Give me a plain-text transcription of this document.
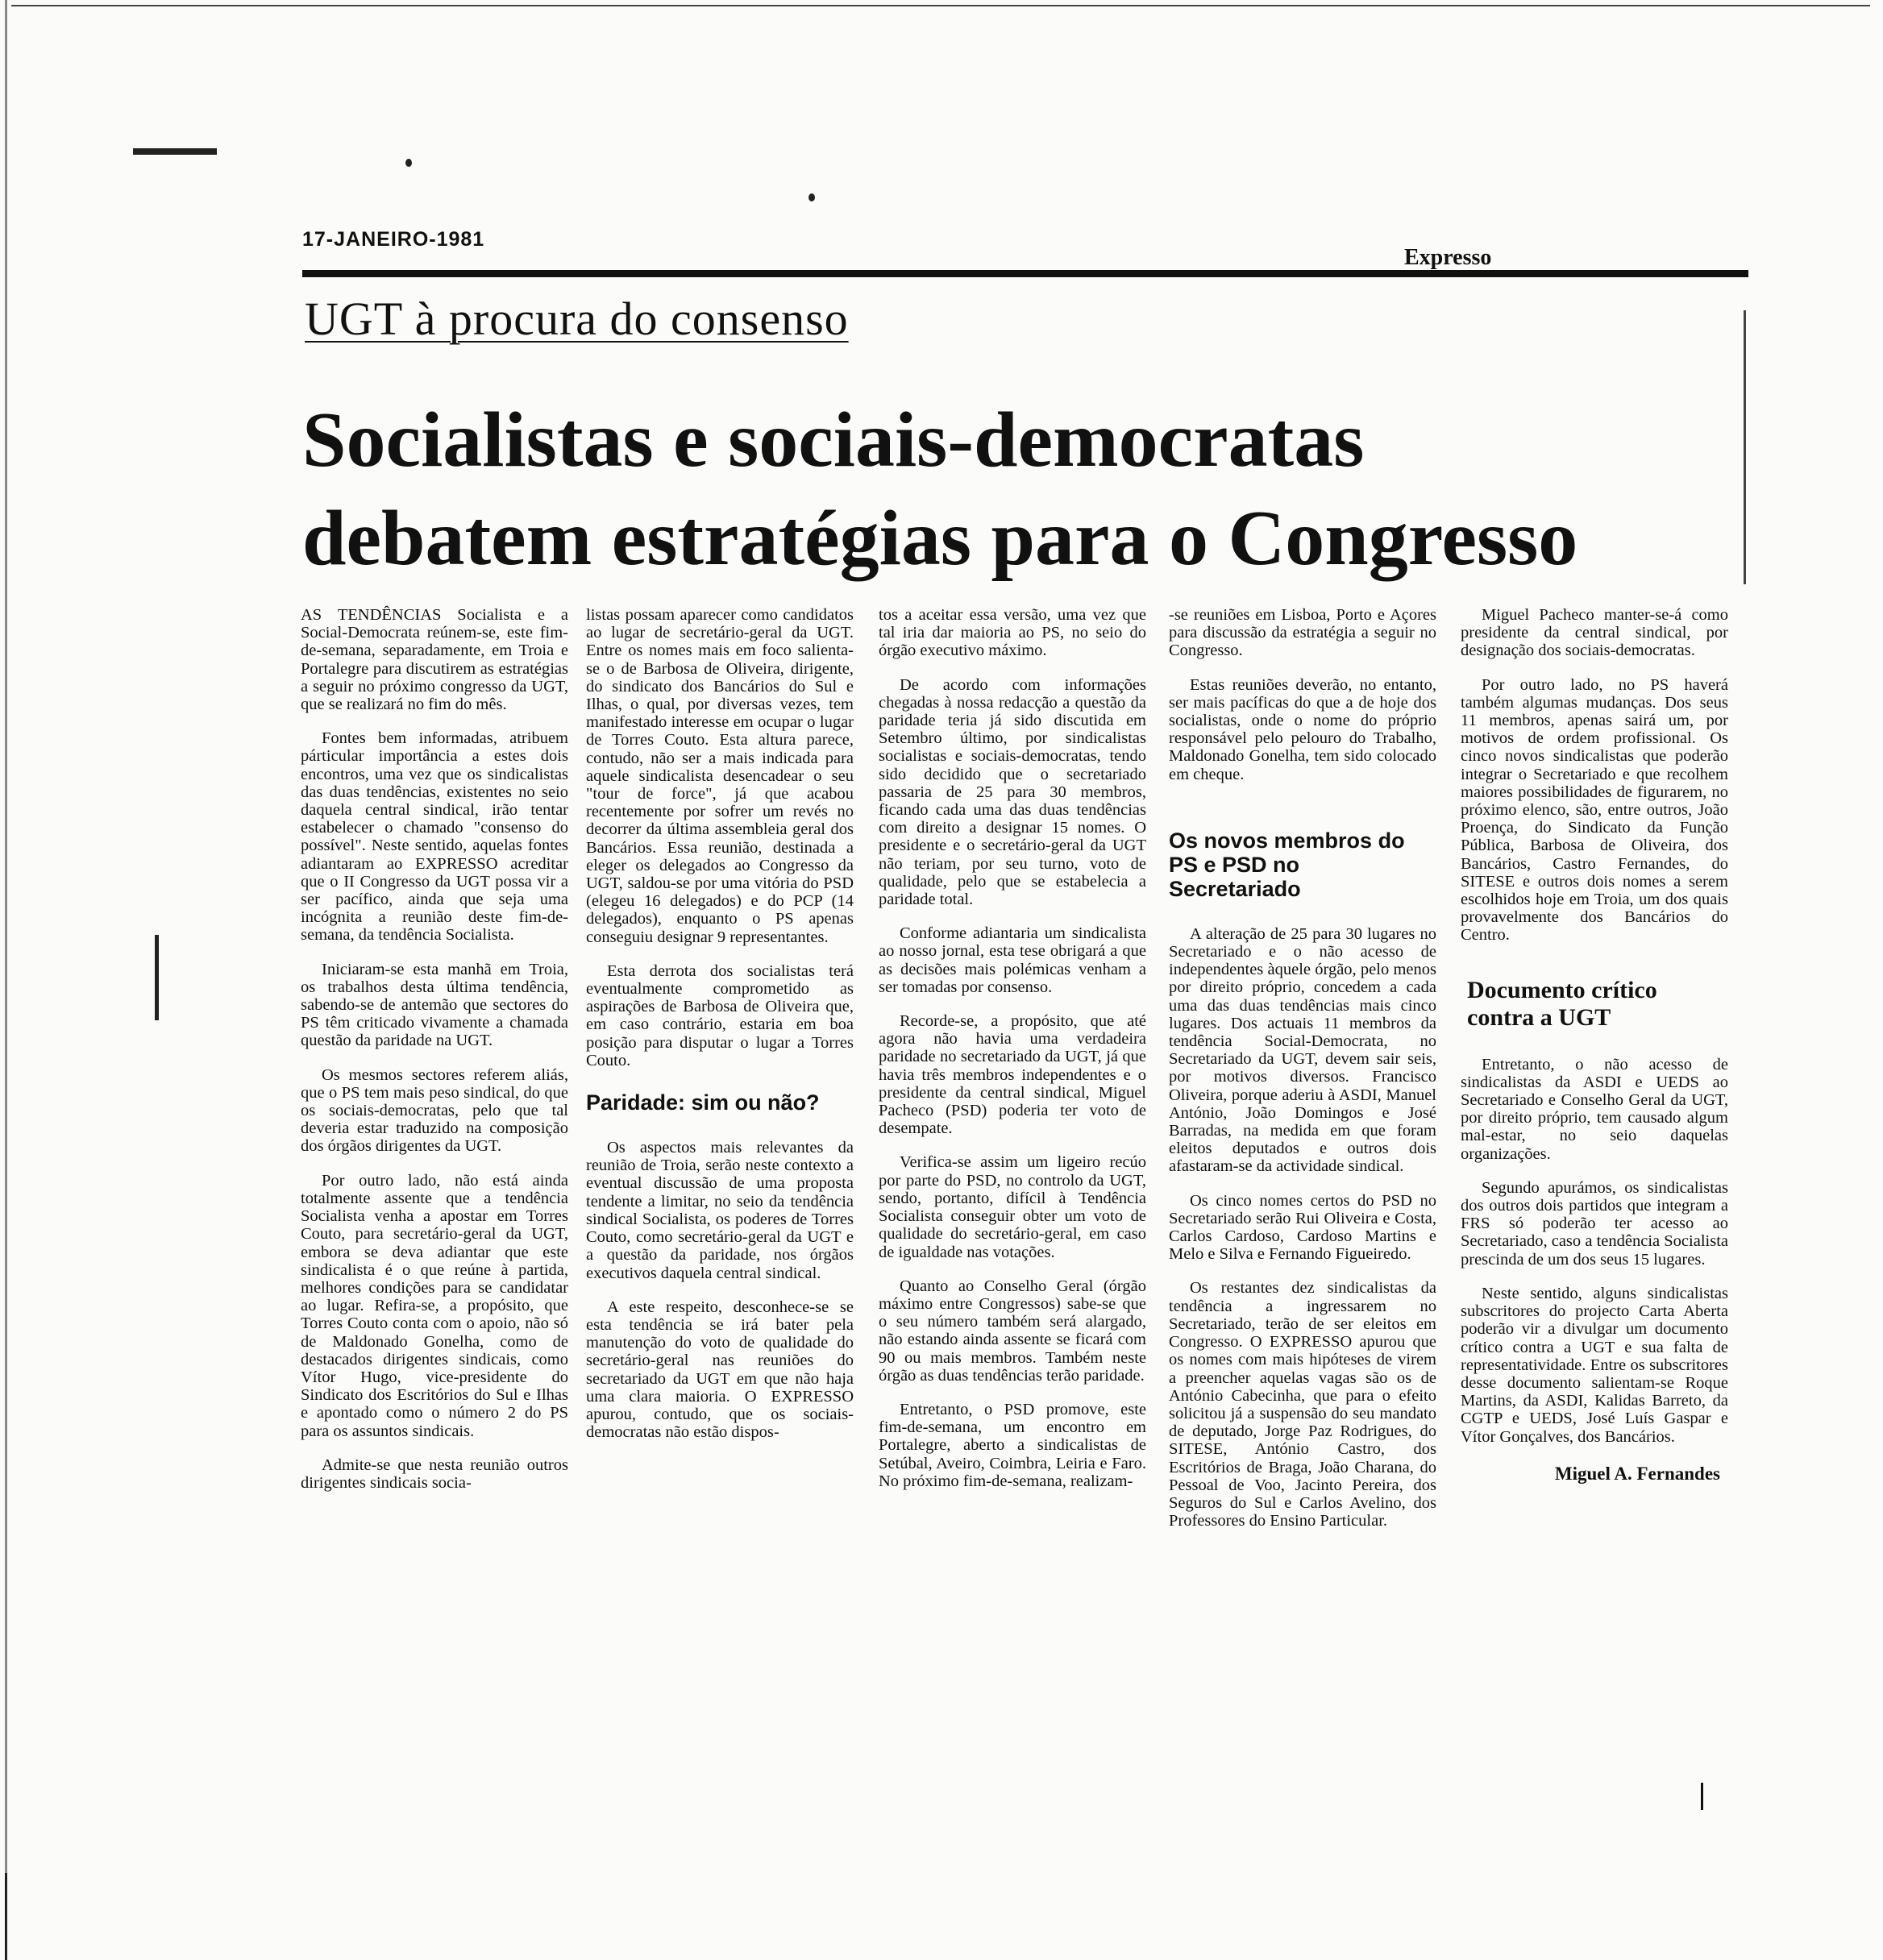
17-JANEIRO-1981
Expresso
UGT à procura do consenso
Socialistas e sociais-democratas
debatem estratégias para o Congresso

AS TENDÊNCIAS Socialista e a Social-Democrata reúnem-se, este fim-de-semana, separadamente, em Troia e Portalegre para discutirem as estratégias a seguir no próximo congresso da UGT, que se realizará no fim do mês.

Fontes bem informadas, atribuem párticular importância a estes dois encontros, uma vez que os sindicalistas das duas tendências, existentes no seio daquela central sindical, irão tentar estabelecer o chamado "consenso do possível". Neste sentido, aquelas fontes adiantaram ao EXPRESSO acreditar que o II Congresso da UGT possa vir a ser pacífico, ainda que seja uma incógnita a reunião deste fim-de-semana, da tendência Socialista.

Iniciaram-se esta manhã em Troia, os trabalhos desta última tendência, sabendo-se de antemão que sectores do PS têm criticado vivamente a chamada questão da paridade na UGT.

Os mesmos sectores referem aliás, que o PS tem mais peso sindical, do que os sociais-democratas, pelo que tal deveria estar traduzido na composição dos órgãos dirigentes da UGT.

Por outro lado, não está ainda totalmente assente que a tendência Socialista venha a apostar em Torres Couto, para secretário-geral da UGT, embora se deva adiantar que este sindicalista é o que reúne à partida, melhores condições para se candidatar ao lugar. Refira-se, a propósito, que Torres Couto conta com o apoio, não só de Maldonado Gonelha, como de destacados dirigentes sindicais, como Vítor Hugo, vice-presidente do Sindicato dos Escritórios do Sul e Ilhas e apontado como o número 2 do PS para os assuntos sindicais.

Admite-se que nesta reunião outros dirigentes sindicais socia-

listas possam aparecer como candidatos ao lugar de secretário-geral da UGT. Entre os nomes mais em foco salienta-se o de Barbosa de Oliveira, dirigente, do sindicato dos Bancários do Sul e Ilhas, o qual, por diversas vezes, tem manifestado interesse em ocupar o lugar de Torres Couto. Esta altura parece, contudo, não ser a mais indicada para aquele sindicalista desencadear o seu "tour de force", já que acabou recentemente por sofrer um revés no decorrer da última assembleia geral dos Bancários. Essa reunião, destinada a eleger os delegados ao Congresso da UGT, saldou-se por uma vitória do PSD (elegeu 16 delegados) e do PCP (14 delegados), enquanto o PS apenas conseguiu designar 9 representantes.

Esta derrota dos socialistas terá eventualmente comprometido as aspirações de Barbosa de Oliveira que, em caso contrário, estaria em boa posição para disputar o lugar a Torres Couto.

Paridade: sim ou não?

Os aspectos mais relevantes da reunião de Troia, serão neste contexto a eventual discussão de uma proposta tendente a limitar, no seio da tendência sindical Socialista, os poderes de Torres Couto, como secretário-geral da UGT e a questão da paridade, nos órgãos executivos daquela central sindical.

A este respeito, desconhece-se se esta tendência se irá bater pela manutenção do voto de qualidade do secretário-geral nas reuniões do secretariado da UGT em que não haja uma clara maioria. O EXPRESSO apurou, contudo, que os sociais-democratas não estão dispos-

tos a aceitar essa versão, uma vez que tal iria dar maioria ao PS, no seio do órgão executivo máximo.

De acordo com informações chegadas à nossa redacção a questão da paridade teria já sido discutida em Setembro último, por sindicalistas socialistas e sociais-democratas, tendo sido decidido que o secretariado passaria de 25 para 30 membros, ficando cada uma das duas tendências com direito a designar 15 nomes. O presidente e o secretário-geral da UGT não teriam, por seu turno, voto de qualidade, pelo que se estabelecia a paridade total.

Conforme adiantaria um sindicalista ao nosso jornal, esta tese obrigará a que as decisões mais polémicas venham a ser tomadas por consenso.

Recorde-se, a propósito, que até agora não havia uma verdadeira paridade no secretariado da UGT, já que havia três membros independentes e o presidente da central sindical, Miguel Pacheco (PSD) poderia ter voto de desempate.

Verifica-se assim um ligeiro recúo por parte do PSD, no controlo da UGT, sendo, portanto, difícil à Tendência Socialista conseguir obter um voto de qualidade do secretário-geral, em caso de igualdade nas votações.

Quanto ao Conselho Geral (órgão máximo entre Congressos) sabe-se que o seu número também será alargado, não estando ainda assente se ficará com 90 ou mais membros. Também neste órgão as duas tendências terão paridade.

Entretanto, o PSD promove, este fim-de-semana, um encontro em Portalegre, aberto a sindicalistas de Setúbal, Aveiro, Coimbra, Leiria e Faro. No próximo fim-de-semana, realizam-

-se reuniões em Lisboa, Porto e Açores para discussão da estratégia a seguir no Congresso.

Estas reuniões deverão, no entanto, ser mais pacíficas do que a de hoje dos socialistas, onde o nome do próprio responsável pelo pelouro do Trabalho, Maldonado Gonelha, tem sido colocado em cheque.

Os novos membros do PS e PSD no Secretariado

A alteração de 25 para 30 lugares no Secretariado e o não acesso de independentes àquele órgão, pelo menos por direito próprio, concedem a cada uma das duas tendências mais cinco lugares. Dos actuais 11 membros da tendência Social-Democrata, no Secretariado da UGT, devem sair seis, por motivos diversos. Francisco Oliveira, porque aderiu à ASDI, Manuel António, João Domingos e José Barradas, na medida em que foram eleitos deputados e outros dois afastaram-se da actividade sindical.

Os cinco nomes certos do PSD no Secretariado serão Rui Oliveira e Costa, Carlos Cardoso, Cardoso Martins e Melo e Silva e Fernando Figueiredo.

Os restantes dez sindicalistas da tendência a ingressarem no Secretariado, terão de ser eleitos em Congresso. O EXPRESSO apurou que os nomes com mais hipóteses de virem a preencher aquelas vagas são os de António Cabecinha, que para o efeito solicitou já a suspensão do seu mandato de deputado, Jorge Paz Rodrigues, do SITESE, António Castro, dos Escritórios de Braga, João Charana, do Pessoal de Voo, Jacinto Pereira, dos Seguros do Sul e Carlos Avelino, dos Professores do Ensino Particular.

Miguel Pacheco manter-se-á como presidente da central sindical, por designação dos sociais-democratas.

Por outro lado, no PS haverá também algumas mudanças. Dos seus 11 membros, apenas sairá um, por motivos de ordem profissional. Os cinco novos sindicalistas que poderão integrar o Secretariado e que recolhem maiores possibilidades de figurarem, no próximo elenco, são, entre outros, João Proença, do Sindicato da Função Pública, Barbosa de Oliveira, dos Bancários, Castro Fernandes, do SITESE e outros dois nomes a serem escolhidos hoje em Troia, um dos quais provavelmente dos Bancários do Centro.

Documento crítico contra a UGT

Entretanto, o não acesso de sindicalistas da ASDI e UEDS ao Secretariado e Conselho Geral da UGT, por direito próprio, tem causado algum mal-estar, no seio daquelas organizações.

Segundo apurámos, os sindicalistas dos outros dois partidos que integram a FRS só poderão ter acesso ao Secretariado, caso a tendência Socialista prescinda de um dos seus 15 lugares.

Neste sentido, alguns sindicalistas subscritores do projecto Carta Aberta poderão vir a divulgar um documento crítico contra a UGT e sua falta de representatividade. Entre os subscritores desse documento salientam-se Roque Martins, da ASDI, Kalidas Barreto, da CGTP e UEDS, José Luís Gaspar e Vítor Gonçalves, dos Bancários.

Miguel A. Fernandes
